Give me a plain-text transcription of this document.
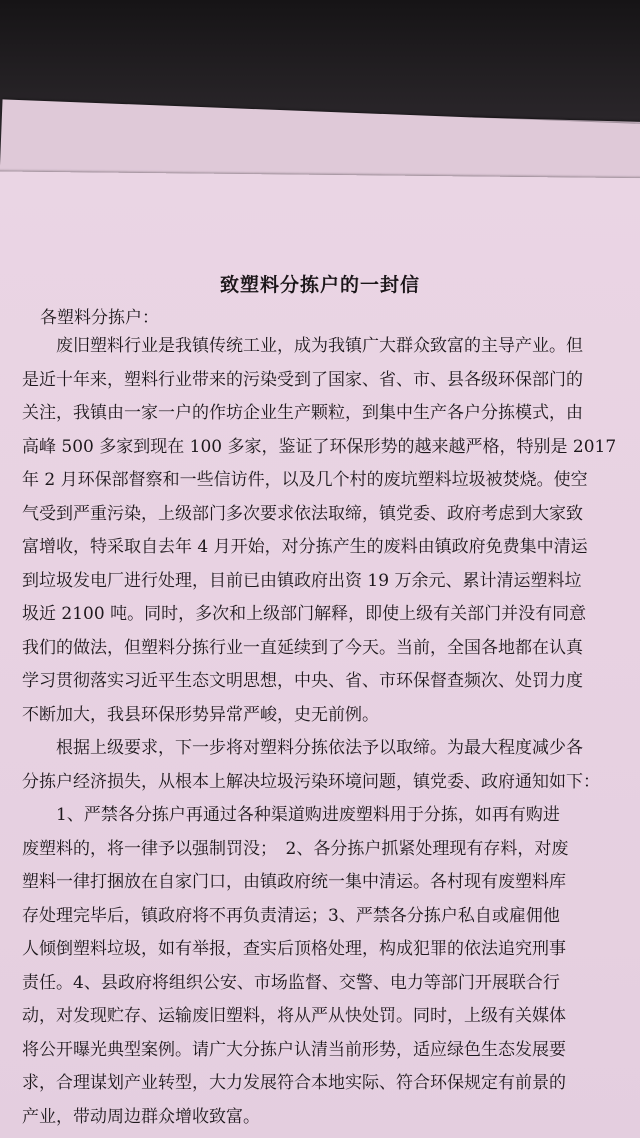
致塑料分拣户的一封信
各塑料分拣户：
　　废旧塑料行业是我镇传统工业，成为我镇广大群众致富的主导产业。但
是近十年来，塑料行业带来的污染受到了国家、省、市、县各级环保部门的
关注，我镇由一家一户的作坊企业生产颗粒，到集中生产各户分拣模式，由
高峰 500 多家到现在 100 多家，鉴证了环保形势的越来越严格，特别是 2017
年 2 月环保部督察和一些信访件，以及几个村的废坑塑料垃圾被焚烧。使空
气受到严重污染，上级部门多次要求依法取缔，镇党委、政府考虑到大家致
富增收，特采取自去年 4 月开始，对分拣产生的废料由镇政府免费集中清运
到垃圾发电厂进行处理，目前已由镇政府出资 19 万余元、累计清运塑料垃
圾近 2100 吨。同时，多次和上级部门解释，即使上级有关部门并没有同意
我们的做法，但塑料分拣行业一直延续到了今天。当前，全国各地都在认真
学习贯彻落实习近平生态文明思想，中央、省、市环保督查频次、处罚力度
不断加大，我县环保形势异常严峻，史无前例。
　　根据上级要求，下一步将对塑料分拣依法予以取缔。为最大程度减少各
分拣户经济损失，从根本上解决垃圾污染环境问题，镇党委、政府通知如下：
　　1、严禁各分拣户再通过各种渠道购进废塑料用于分拣，如再有购进
废塑料的，将一律予以强制罚没；　2、各分拣户抓紧处理现有存料，对废
塑料一律打捆放在自家门口，由镇政府统一集中清运。各村现有废塑料库
存处理完毕后，镇政府将不再负责清运；3、严禁各分拣户私自或雇佣他
人倾倒塑料垃圾，如有举报，查实后顶格处理，构成犯罪的依法追究刑事
责任。4、县政府将组织公安、市场监督、交警、电力等部门开展联合行
动，对发现贮存、运输废旧塑料，将从严从快处罚。同时，上级有关媒体
将公开曝光典型案例。请广大分拣户认清当前形势，适应绿色生态发展要
求，合理谋划产业转型，大力发展符合本地实际、符合环保规定有前景的
产业，带动周边群众增收致富。
